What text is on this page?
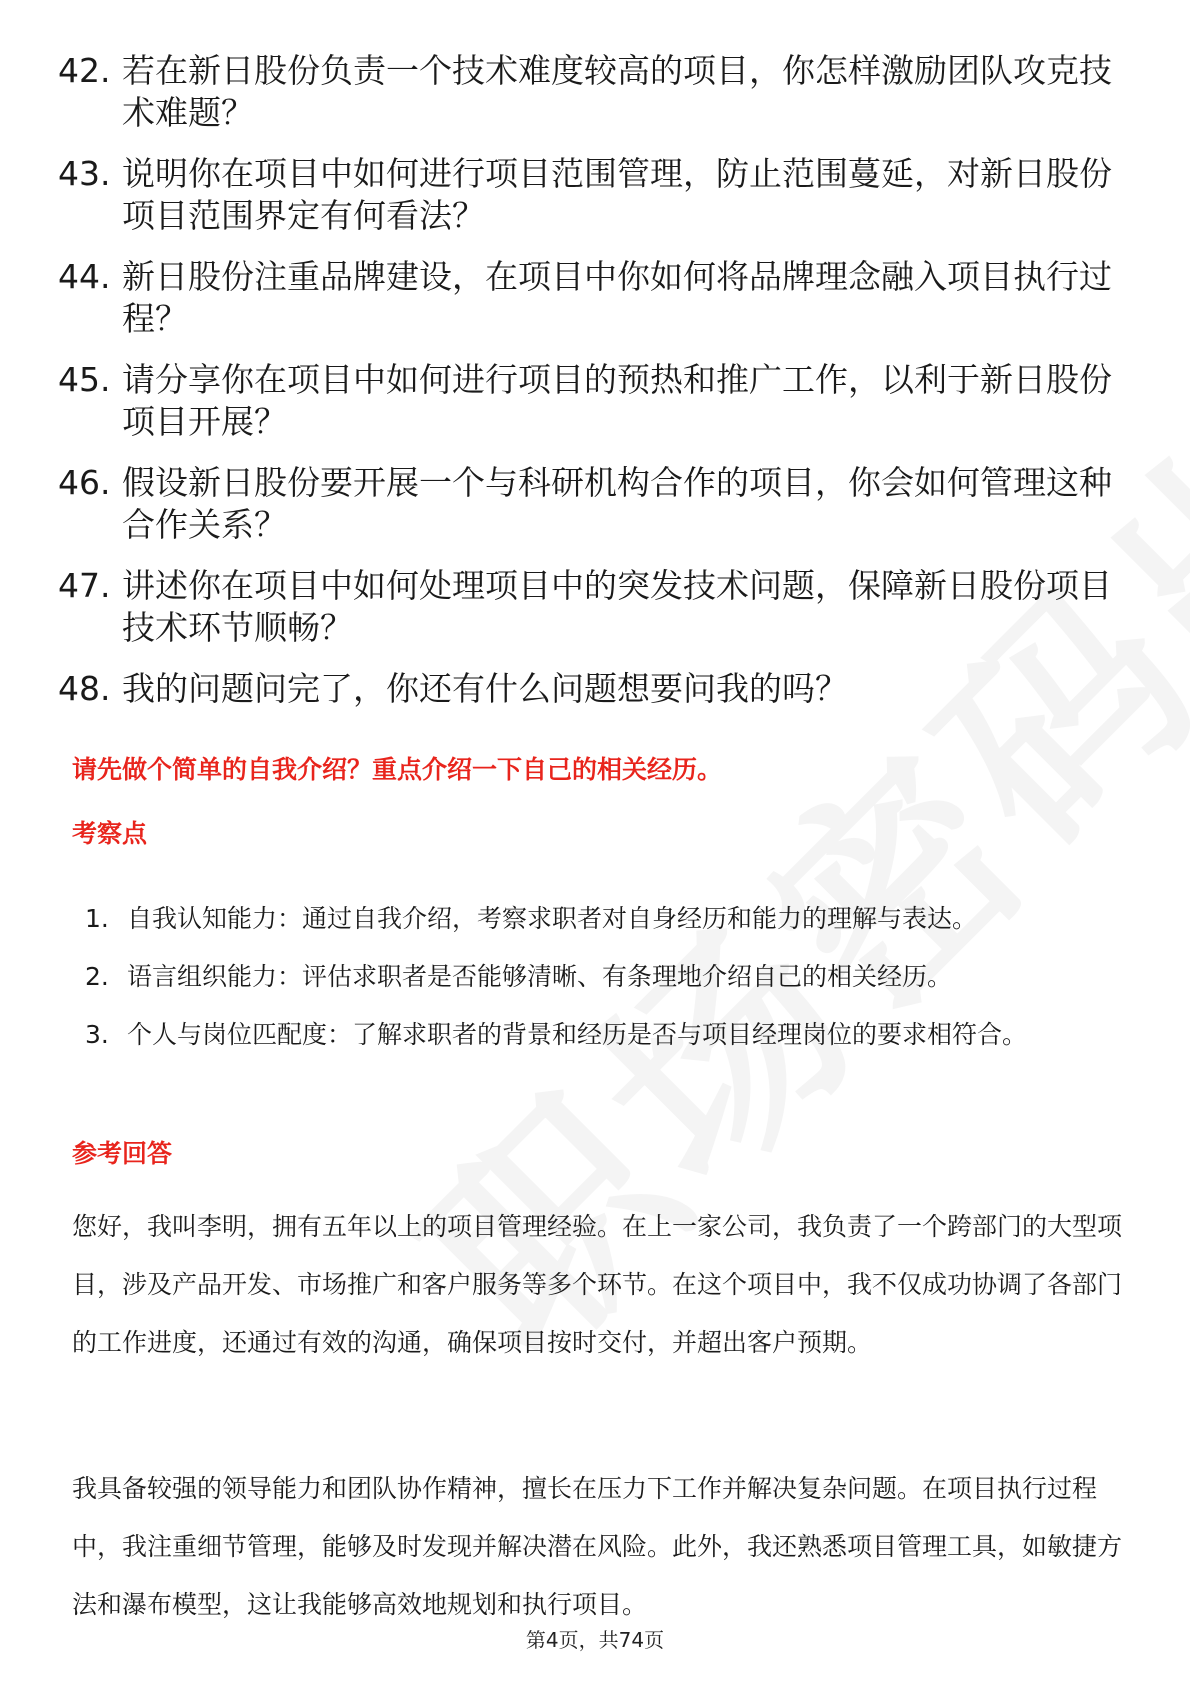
42. 若在新日股份负责一个技术难度较高的项目，你怎样激励团队攻克技术难题？
43. 说明你在项目中如何进行项目范围管理，防止范围蔓延，对新日股份项目范围界定有何看法？
44. 新日股份注重品牌建设，在项目中你如何将品牌理念融入项目执行过程？
45. 请分享你在项目中如何进行项目的预热和推广工作，以利于新日股份项目开展？
46. 假设新日股份要开展一个与科研机构合作的项目，你会如何管理这种合作关系？
47. 讲述你在项目中如何处理项目中的突发技术问题，保障新日股份项目技术环节顺畅？
48. 我的问题问完了，你还有什么问题想要问我的吗？
请先做个简单的自我介绍？重点介绍一下自己的相关经历。
考察点
1. 自我认知能力：通过自我介绍，考察求职者对自身经历和能力的理解与表达。
2. 语言组织能力：评估求职者是否能够清晰、有条理地介绍自己的相关经历。
3. 个人与岗位匹配度：了解求职者的背景和经历是否与项目经理岗位的要求相符合。
参考回答

您好，我叫李明，拥有五年以上的项目管理经验。在上一家公司，我负责了一个跨部门的大型项目，涉及产品开发、市场推广和客户服务等多个环节。在这个项目中，我不仅成功协调了各部门的工作进度，还通过有效的沟通，确保项目按时交付，并超出客户预期。

我具备较强的领导能力和团队协作精神，擅长在压力下工作并解决复杂问题。在项目执行过程中，我注重细节管理，能够及时发现并解决潜在风险。此外，我还熟悉项目管理工具，如敏捷方法和瀑布模型，这让我能够高效地规划和执行项目。

第4页，共74页
